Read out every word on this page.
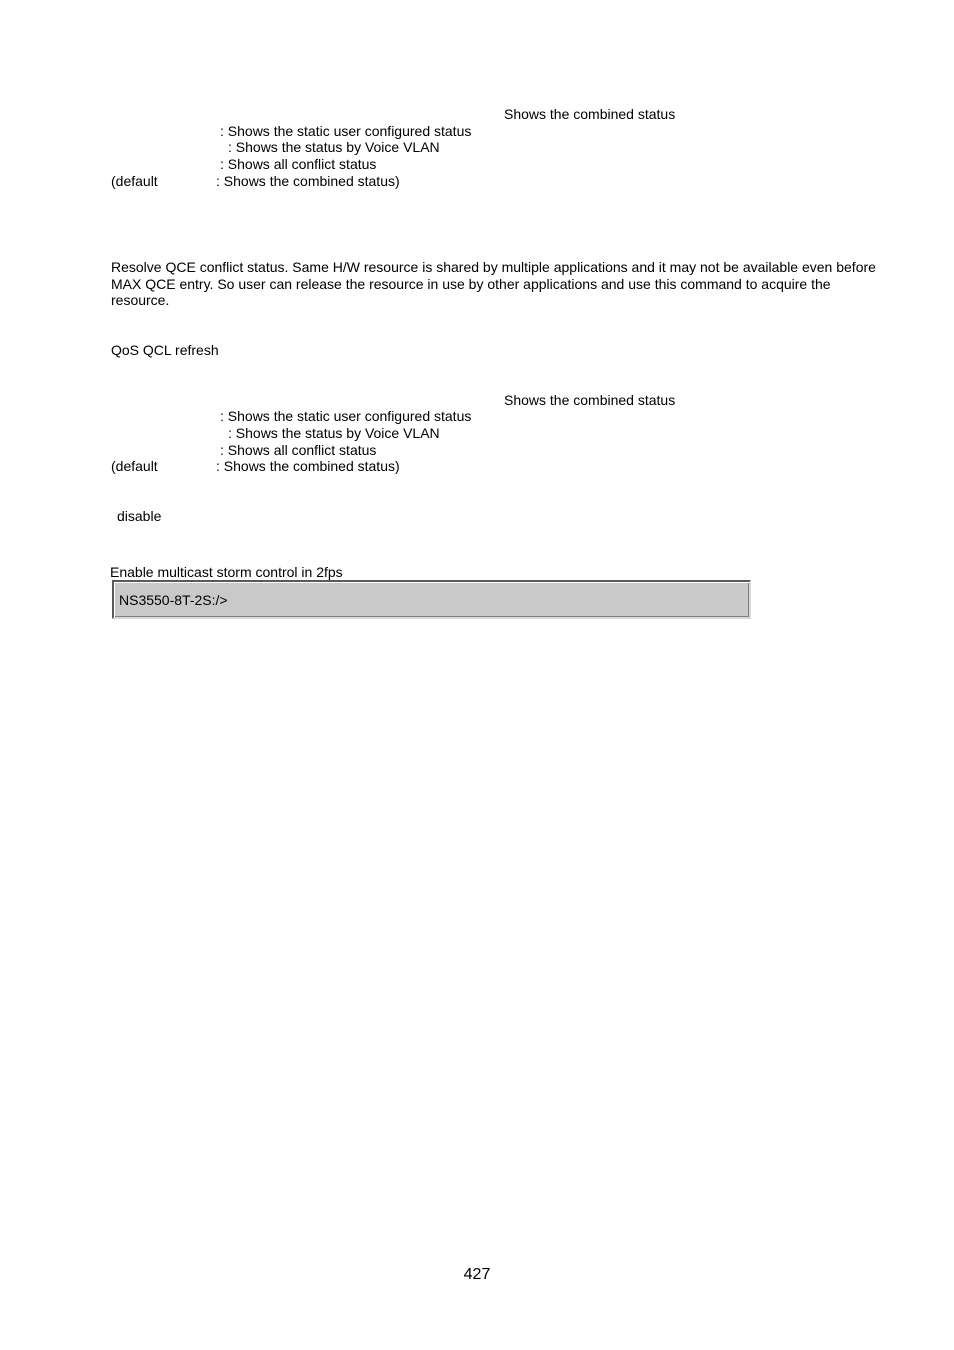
Shows the combined status
: Shows the static user configured status
: Shows the status by Voice VLAN
: Shows all conflict status
(default	: Shows the combined status)
Resolve QCE conflict status. Same H/W resource is shared by multiple applications and it may not be available even before MAX QCE entry. So user can release the resource in use by other applications and use this command to acquire the resource.
QoS QCL refresh
Shows the combined status
: Shows the static user configured status
: Shows the status by Voice VLAN
: Shows all conflict status
(default	: Shows the combined status)
disable
Enable multicast storm control in 2fps
NS3550-8T-2S:/>
427
